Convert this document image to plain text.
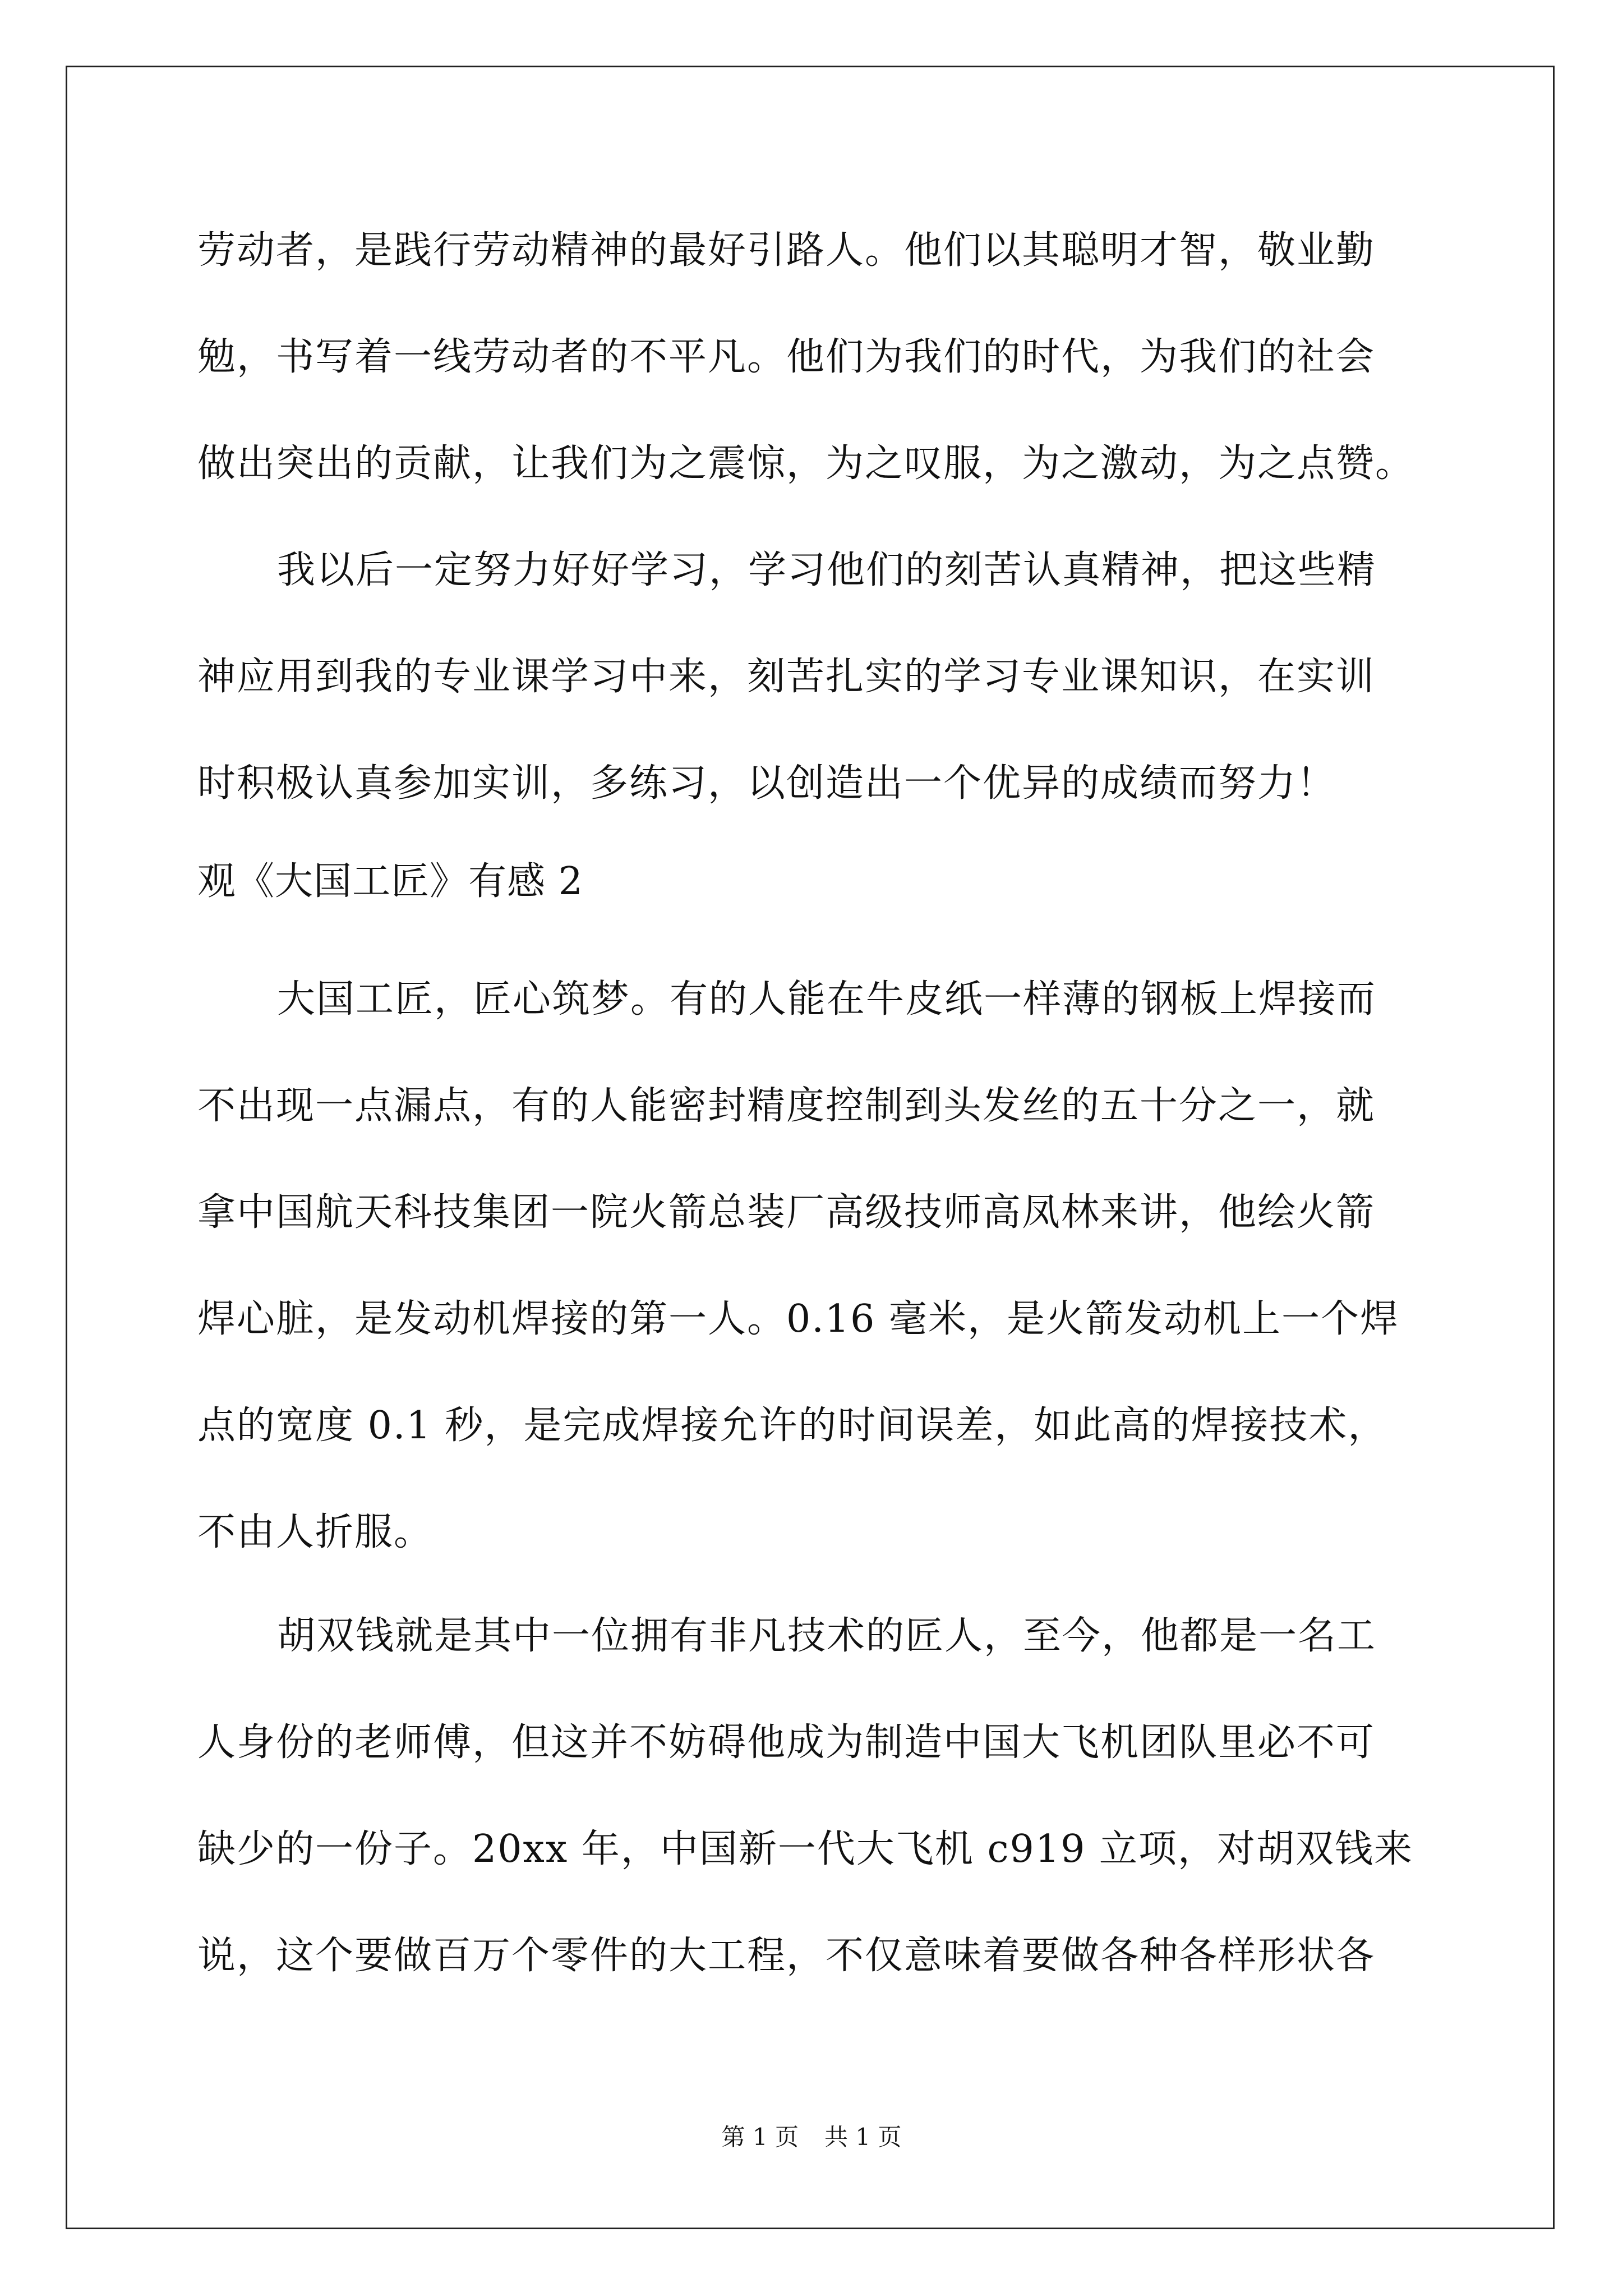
劳动者，是践行劳动精神的最好引路人。他们以其聪明才智，敬业勤
勉，书写着一线劳动者的不平凡。他们为我们的时代，为我们的社会
做出突出的贡献，让我们为之震惊，为之叹服，为之激动，为之点赞。
我以后一定努力好好学习，学习他们的刻苦认真精神，把这些精
神应用到我的专业课学习中来，刻苦扎实的学习专业课知识，在实训
时积极认真参加实训，多练习，以创造出一个优异的成绩而努力！
观《大国工匠》有感 2
大国工匠，匠心筑梦。有的人能在牛皮纸一样薄的钢板上焊接而
不出现一点漏点，有的人能密封精度控制到头发丝的五十分之一，就
拿中国航天科技集团一院火箭总装厂高级技师高凤林来讲，他绘火箭
焊心脏，是发动机焊接的第一人。0.16 毫米，是火箭发动机上一个焊
点的宽度 0.1 秒，是完成焊接允许的时间误差，如此高的焊接技术，
不由人折服。
胡双钱就是其中一位拥有非凡技术的匠人，至今，他都是一名工
人身份的老师傅，但这并不妨碍他成为制造中国大飞机团队里必不可
缺少的一份子。20xx 年，中国新一代大飞机 c919 立项，对胡双钱来
说，这个要做百万个零件的大工程，不仅意味着要做各种各样形状各
第 1 页 共 1 页
